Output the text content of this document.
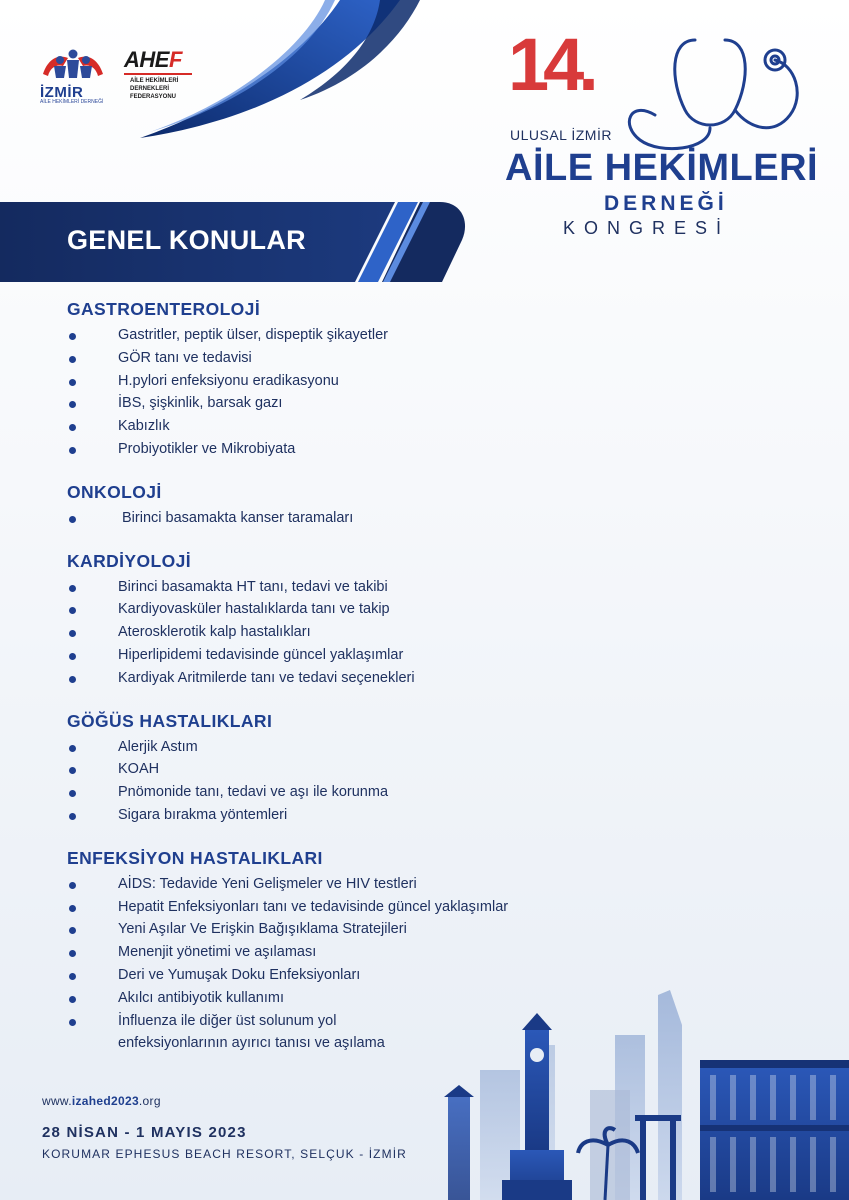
İZMİR
AİLE HEKİMLERİ DERNEĞİ
AHEF
AİLE HEKİMLERİ
DERNEKLERİ
FEDERASYONU	14.
ULUSAL İZMİR
AİLE HEKİMLERİ
DERNEĞİ
KONGRESİ
GENEL KONULAR
GASTROENTEROLOJİ
Gastritler, peptik ülser, dispeptik şikayetler
GÖR tanı ve tedavisi
H.pylori enfeksiyonu eradikasyonu
İBS, şişkinlik, barsak gazı
Kabızlık
Probiyotikler ve Mikrobiyata
ONKOLOJİ
Birinci basamakta kanser taramaları
KARDİYOLOJİ
Birinci basamakta HT tanı, tedavi ve takibi
Kardiyovasküler hastalıklarda tanı ve takip
Aterosklerotik kalp hastalıkları
Hiperlipidemi tedavisinde güncel yaklaşımlar
Kardiyak Aritmilerde tanı ve tedavi seçenekleri
GÖĞÜS HASTALIKLARI
Alerjik Astım
KOAH
Pnömonide tanı, tedavi ve aşı ile korunma
Sigara bırakma yöntemleri
ENFEKSİYON HASTALIKLARI
AİDS: Tedavide Yeni Gelişmeler ve HIV testleri
Hepatit Enfeksiyonları tanı ve tedavisinde güncel yaklaşımlar
Yeni Aşılar Ve Erişkin Bağışıklama Stratejileri
Menenjit yönetimi ve aşılaması
Deri ve Yumuşak Doku Enfeksiyonları
Akılcı antibiyotik kullanımı
İnfluenza ile diğer üst solunum yol
enfeksiyonlarının ayırıcı tanısı ve aşılama
www.izahed2023.org
28 NİSAN - 1 MAYIS 2023
KORUMAR EPHESUS BEACH RESORT, SELÇUK - İZMİR
